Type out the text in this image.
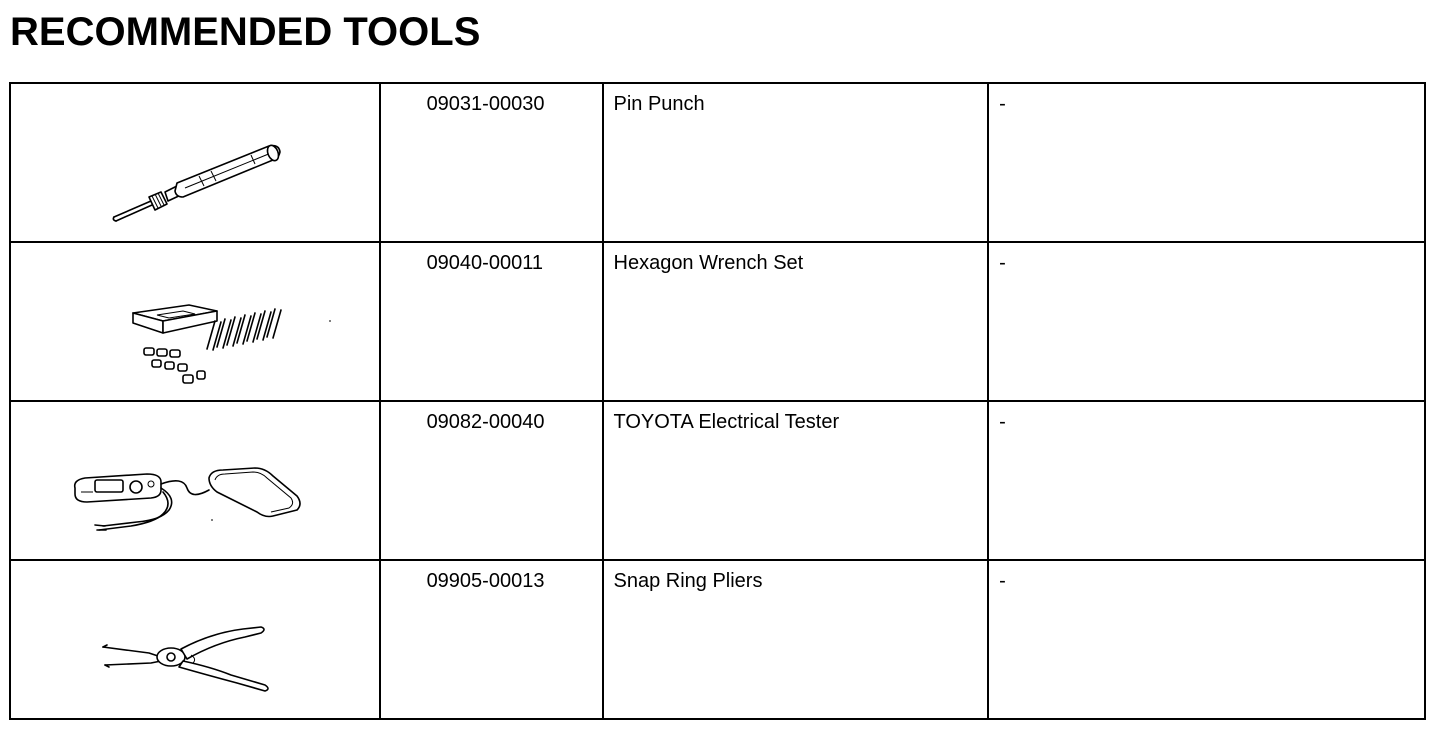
RECOMMENDED TOOLS

09031-00030	Pin Punch	-

09040-00011	Hexagon Wrench Set	-

09082-00040	TOYOTA Electrical Tester	-

09905-00013	Snap Ring Pliers	-
